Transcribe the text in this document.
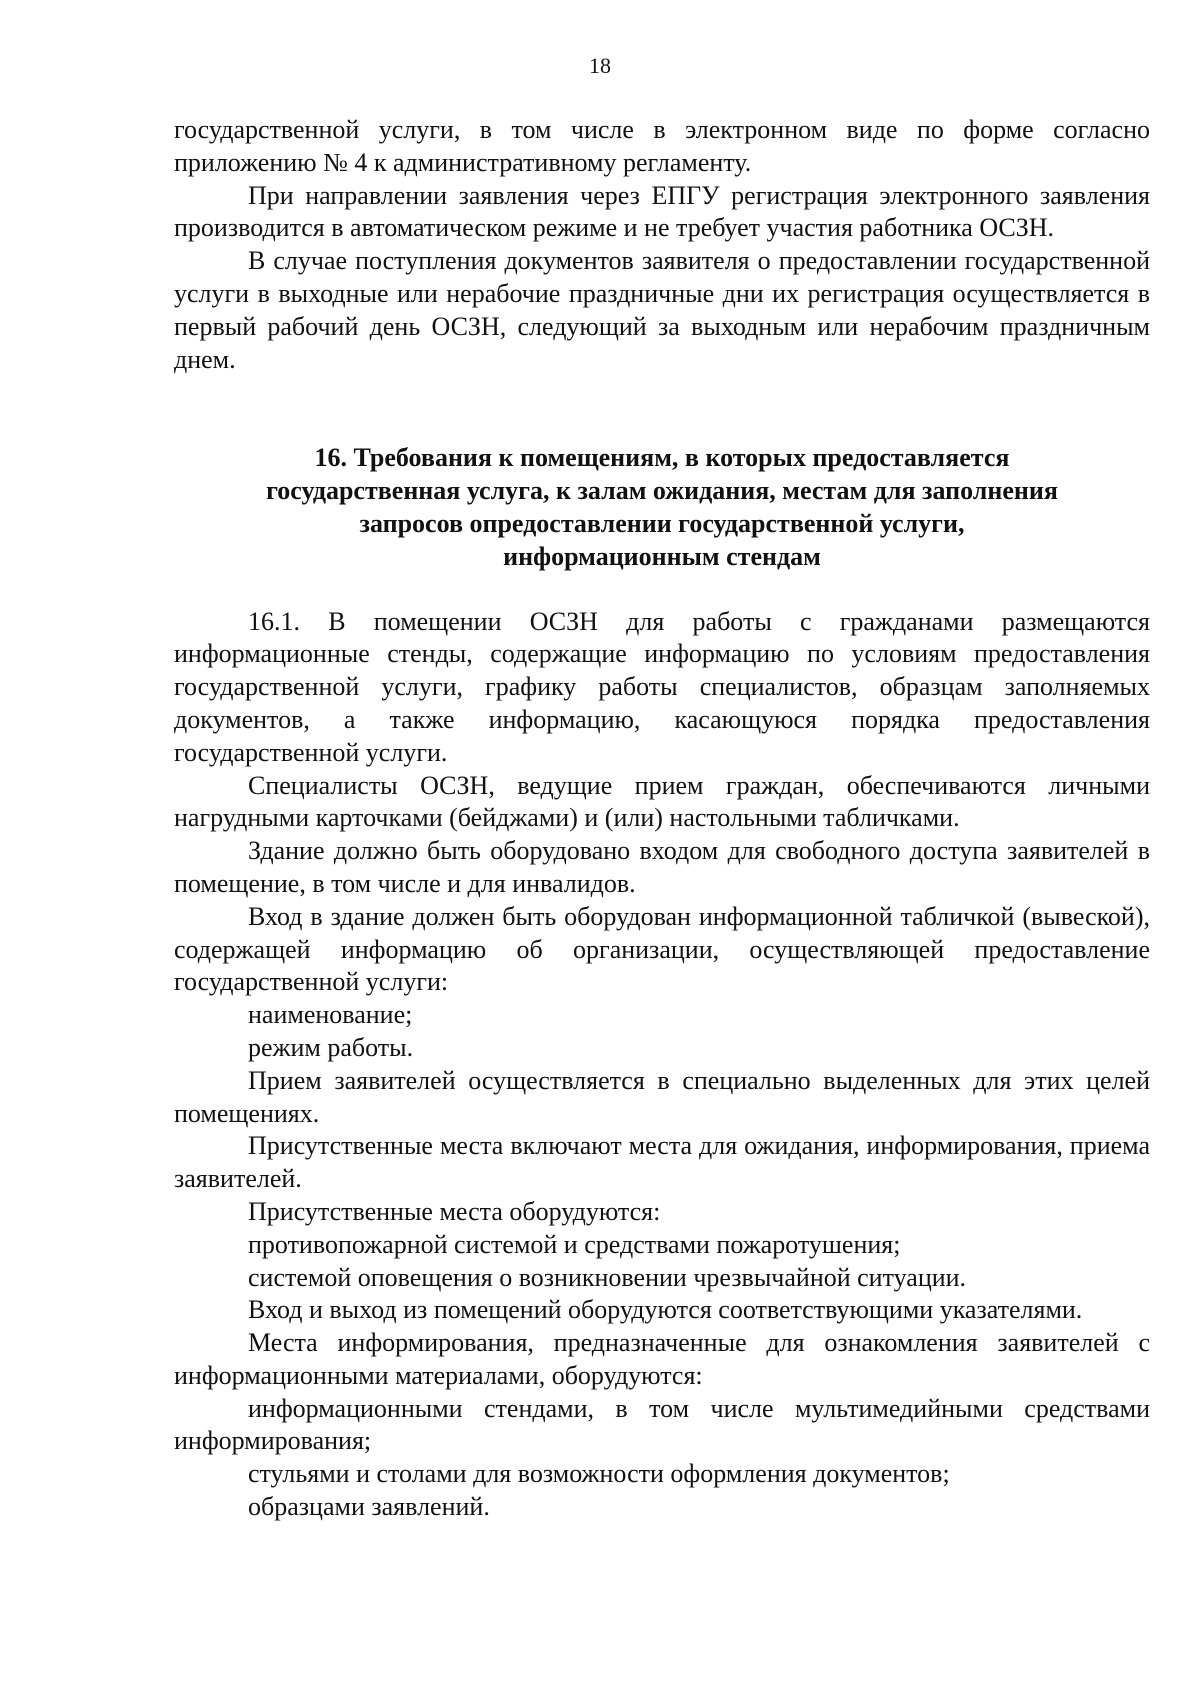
18

государственной услуги, в том числе в электронном виде по форме согласно приложению № 4 к административному регламенту.

При направлении заявления через ЕПГУ регистрация электронного заявления производится в автоматическом режиме и не требует участия работника ОСЗН.

В случае поступления документов заявителя о предоставлении государственной услуги в выходные или нерабочие праздничные дни их регистрация осуществляется в первый рабочий день ОСЗН, следующий за выходным или нерабочим праздничным днем.

16. Требования к помещениям, в которых предоставляется
государственная услуга, к залам ожидания, местам для заполнения
запросов опредоставлении государственной услуги,
информационным стендам

16.1. В помещении ОСЗН для работы с гражданами размещаются информационные стенды, содержащие информацию по условиям предоставления государственной услуги, графику работы специалистов, образцам заполняемых документов, а также информацию, касающуюся порядка предоставления государственной услуги.

Специалисты ОСЗН, ведущие прием граждан, обеспечиваются личными нагрудными карточками (бейджами) и (или) настольными табличками.

Здание должно быть оборудовано входом для свободного доступа заявителей в помещение, в том числе и для инвалидов.

Вход в здание должен быть оборудован информационной табличкой (вывеской), содержащей информацию об организации, осуществляющей предоставление государственной услуги:

наименование;

режим работы.

Прием заявителей осуществляется в специально выделенных для этих целей помещениях.

Присутственные места включают места для ожидания, информирования, приема заявителей.

Присутственные места оборудуются:

противопожарной системой и средствами пожаротушения;

системой оповещения о возникновении чрезвычайной ситуации.

Вход и выход из помещений оборудуются соответствующими указателями.

Места информирования, предназначенные для ознакомления заявителей с информационными материалами, оборудуются:

информационными стендами, в том числе мультимедийными средствами информирования;

стульями и столами для возможности оформления документов;

образцами заявлений.
